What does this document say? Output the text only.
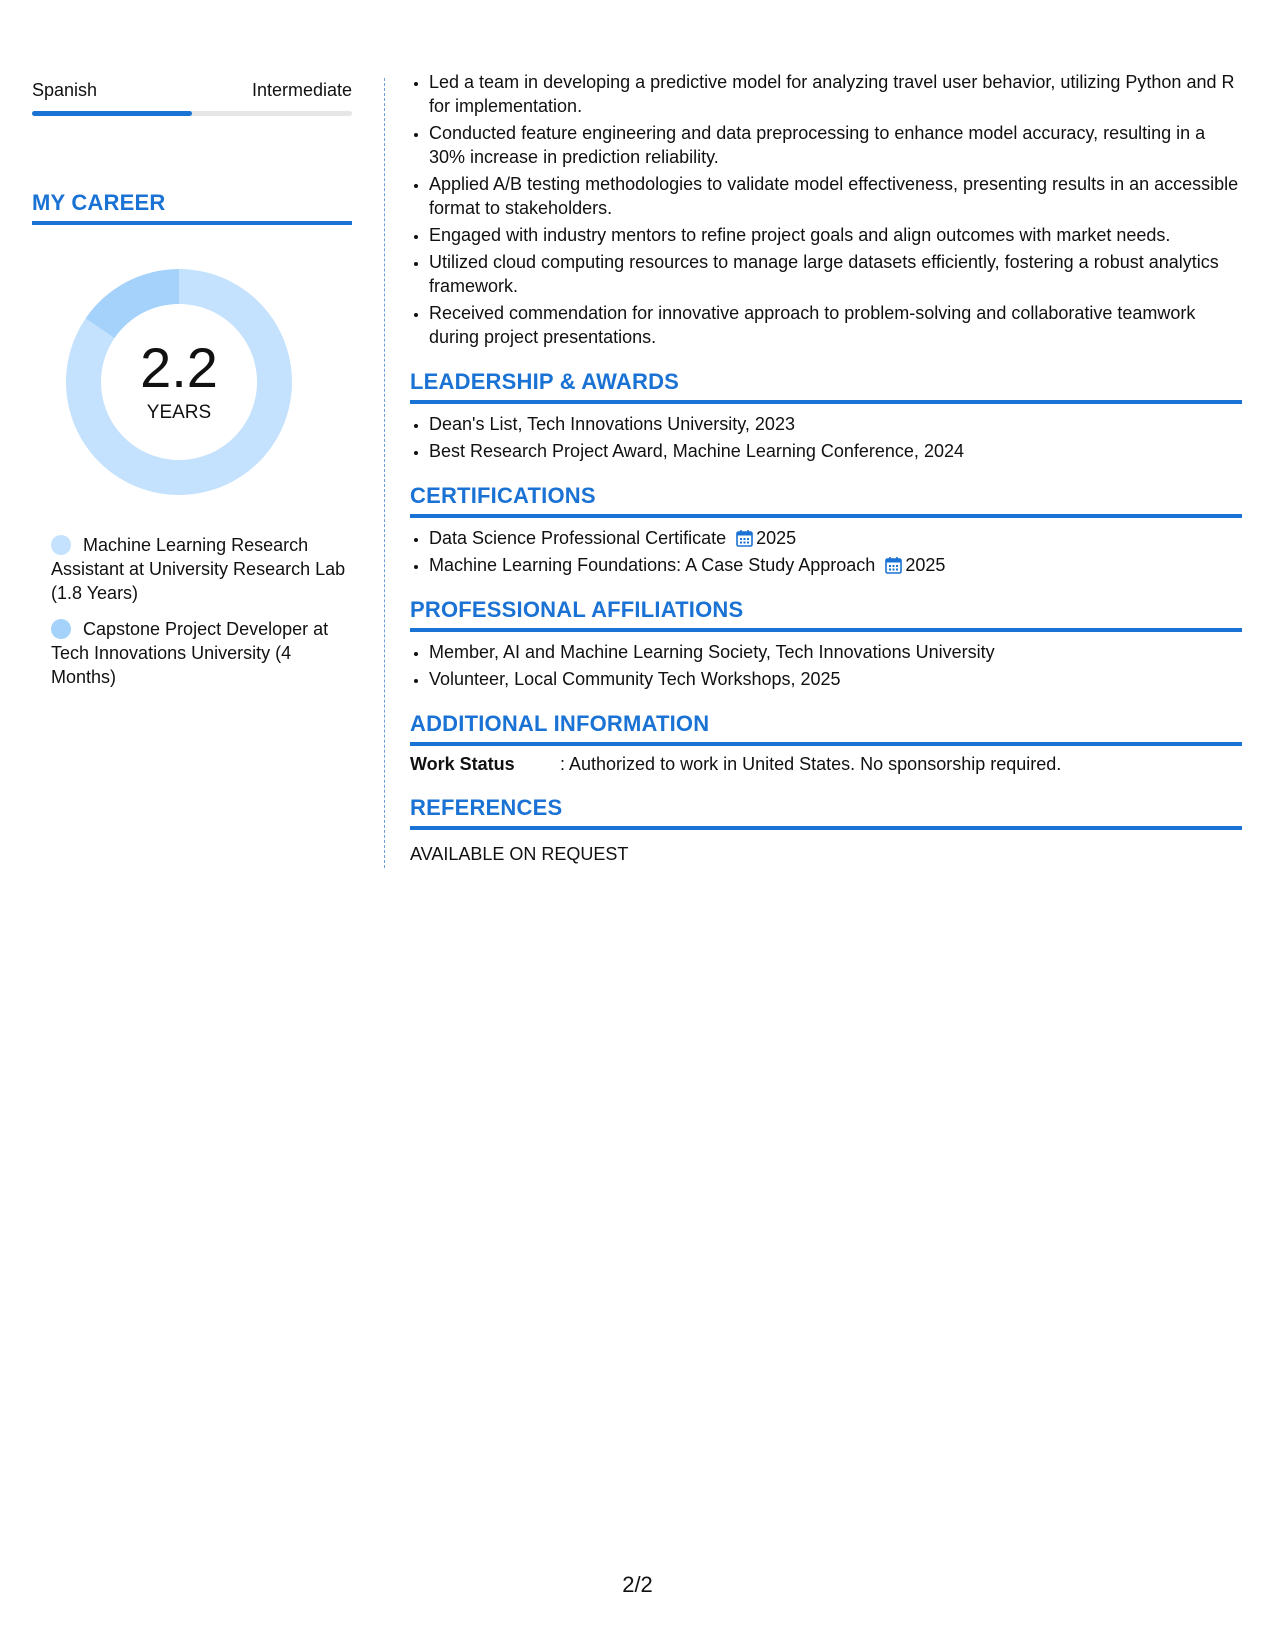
Spanish	Intermediate
MY CAREER
2.2
YEARS
Machine Learning Research Assistant at University Research Lab (1.8 Years)
Capstone Project Developer at Tech Innovations University (4 Months)
• Led a team in developing a predictive model for analyzing travel user behavior, utilizing Python and R for implementation.
• Conducted feature engineering and data preprocessing to enhance model accuracy, resulting in a 30% increase in prediction reliability.
• Applied A/B testing methodologies to validate model effectiveness, presenting results in an accessible format to stakeholders.
• Engaged with industry mentors to refine project goals and align outcomes with market needs.
• Utilized cloud computing resources to manage large datasets efficiently, fostering a robust analytics framework.
• Received commendation for innovative approach to problem-solving and collaborative teamwork during project presentations.
LEADERSHIP & AWARDS
• Dean's List, Tech Innovations University, 2023
• Best Research Project Award, Machine Learning Conference, 2024
CERTIFICATIONS
• Data Science Professional Certificate 2025
• Machine Learning Foundations: A Case Study Approach 2025
PROFESSIONAL AFFILIATIONS
• Member, AI and Machine Learning Society, Tech Innovations University
• Volunteer, Local Community Tech Workshops, 2025
ADDITIONAL INFORMATION
Work Status	: Authorized to work in United States. No sponsorship required.
REFERENCES
AVAILABLE ON REQUEST
2/2
